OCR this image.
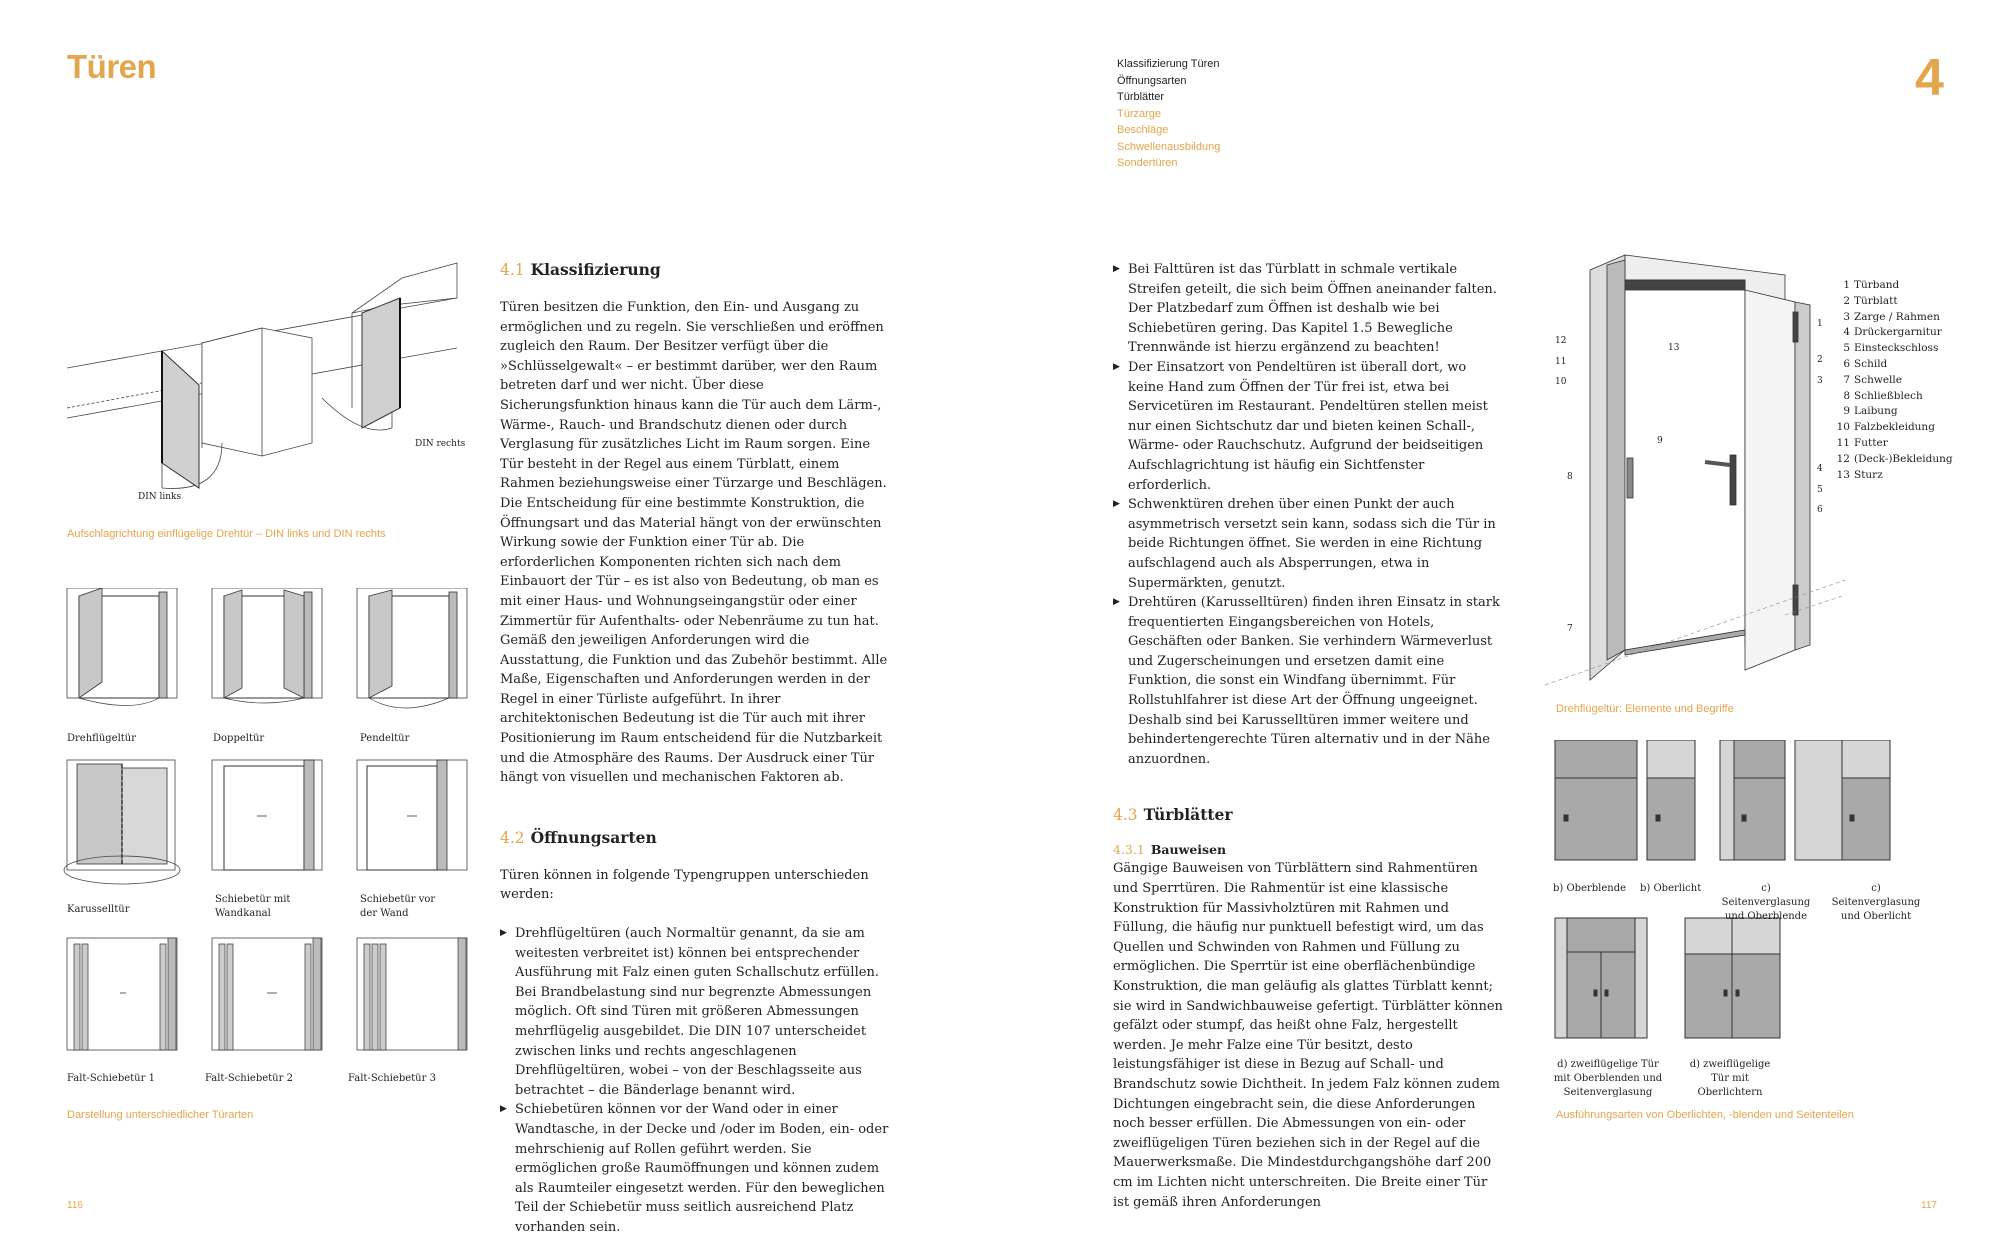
Türen	4
Klassifizierung Türen
Öffnungsarten
Türblätter
Türzarge
Beschläge
Schwellenausbildung
Sondertüren
DIN links
DIN rechts
Aufschlagrichtung einflügelige Drehtür – DIN links und DIN rechts
Drehflügeltür	Doppeltür	Pendeltür
Karusselltür
Schiebetür mit Wandkanal
Schiebetür vor der Wand
Falt-Schiebetür 1	Falt-Schiebetür 2	Falt-Schiebetür 3
Darstellung unterschiedlicher Türarten
4.1 Klassifizierung
Türen besitzen die Funktion, den Ein- und Ausgang zu ermöglichen und zu regeln. Sie verschließen und eröffnen zugleich den Raum. Der Besitzer verfügt über die »Schlüsselgewalt« – er bestimmt darüber, wer den Raum betreten darf und wer nicht. Über diese Sicherungsfunktion hinaus kann die Tür auch dem Lärm-, Wärme-, Rauch- und Brandschutz dienen oder durch Verglasung für zusätzliches Licht im Raum sorgen. Eine Tür besteht in der Regel aus einem Türblatt, einem Rahmen beziehungsweise einer Türzarge und Beschlägen. Die Entscheidung für eine bestimmte Konstruktion, die Öffnungsart und das Material hängt von der erwünschten Wirkung sowie der Funktion einer Tür ab. Die erforderlichen Komponenten richten sich nach dem Einbauort der Tür – es ist also von Bedeutung, ob man es mit einer Haus- und Wohnungseingangstür oder einer Zimmertür für Aufenthalts- oder Nebenräume zu tun hat. Gemäß den jeweiligen Anforderungen wird die Ausstattung, die Funktion und das Zubehör bestimmt. Alle Maße, Eigenschaften und Anforderungen werden in der Regel in einer Türliste aufgeführt. In ihrer architektonischen Bedeutung ist die Tür auch mit ihrer Positionierung im Raum entscheidend für die Nutzbarkeit und die Atmosphäre des Raums. Der Ausdruck einer Tür hängt von visuellen und mechanischen Faktoren ab.
4.2 Öffnungsarten
Türen können in folgende Typengruppen unterschieden werden:
▶ Drehflügeltüren (auch Normaltür genannt, da sie am weitesten verbreitet ist) können bei entsprechender Ausführung mit Falz einen guten Schallschutz erfüllen. Bei Brandbelastung sind nur begrenzte Abmessungen möglich. Oft sind Türen mit größeren Abmessungen mehrflügelig ausgebildet. Die DIN 107 unterscheidet zwischen links und rechts angeschlagenen Drehflügeltüren, wobei – von der Beschlagsseite aus betrachtet – die Bänderlage benannt wird.
▶ Schiebetüren können vor der Wand oder in einer Wandtasche, in der Decke und /oder im Boden, ein- oder mehrschienig auf Rollen geführt werden. Sie ermöglichen große Raumöffnungen und können zudem als Raumteiler eingesetzt werden. Für den beweglichen Teil der Schiebetür muss seitlich ausreichend Platz vorhanden sein.
▶ Bei Falttüren ist das Türblatt in schmale vertikale Streifen geteilt, die sich beim Öffnen aneinander falten. Der Platzbedarf zum Öffnen ist deshalb wie bei Schiebetüren gering. Das Kapitel 1.5 Bewegliche Trennwände ist hierzu ergänzend zu beachten!
▶ Der Einsatzort von Pendeltüren ist überall dort, wo keine Hand zum Öffnen der Tür frei ist, etwa bei Servicetüren im Restaurant. Pendeltüren stellen meist nur einen Sichtschutz dar und bieten keinen Schall-, Wärme- oder Rauchschutz. Aufgrund der beidseitigen Aufschlagrichtung ist häufig ein Sichtfenster erforderlich.
▶ Schwenktüren drehen über einen Punkt der auch asymmetrisch versetzt sein kann, sodass sich die Tür in beide Richtungen öffnet. Sie werden in eine Richtung aufschlagend auch als Absperrungen, etwa in Supermärkten, genutzt.
▶ Drehtüren (Karusselltüren) finden ihren Einsatz in stark frequentierten Eingangsbereichen von Hotels, Geschäften oder Banken. Sie verhindern Wärmeverlust und Zugerscheinungen und ersetzen damit eine Funktion, die sonst ein Windfang übernimmt. Für Rollstuhlfahrer ist diese Art der Öffnung ungeeignet. Deshalb sind bei Karusselltüren immer weitere und behindertengerechte Türen alternativ und in der Nähe anzuordnen.
4.3 Türblätter
4.3.1 Bauweisen
Gängige Bauweisen von Türblättern sind Rahmentüren und Sperrtüren. Die Rahmentür ist eine klassische Konstruktion für Massivholztüren mit Rahmen und Füllung, die häufig nur punktuell befestigt wird, um das Quellen und Schwinden von Rahmen und Füllung zu ermöglichen. Die Sperrtür ist eine oberflächenbündige Konstruktion, die man geläufig als glattes Türblatt kennt; sie wird in Sandwichbauweise gefertigt. Türblätter können gefälzt oder stumpf, das heißt ohne Falz, hergestellt werden. Je mehr Falze eine Tür besitzt, desto leistungsfähiger ist diese in Bezug auf Schall- und Brandschutz sowie Dichtheit. In jedem Falz können zudem Dichtungen eingebracht sein, die diese Anforderungen noch besser erfüllen. Die Abmessungen von ein- oder zweiflügeligen Türen beziehen sich in der Regel auf die Mauerwerksmaße. Die Mindestdurchgangshöhe darf 200 cm im Lichten nicht unterschreiten. Die Breite einer Tür ist gemäß ihren Anforderungen
1
2
3
4
5
6
7
8
9
10
11
12
13
1 Türband
2 Türblatt
3 Zarge / Rahmen
4 Drückergarnitur
5 Einsteckschloss
6 Schild
7 Schwelle
8 Schließblech
9 Laibung
10 Falzbekleidung
11 Futter
12 (Deck-)Bekleidung
13 Sturz
Drehflügeltür: Elemente und Begriffe
b) Oberblende	b) Oberlicht	c) Seitenverglasung und Oberblende
c) Seitenverglasung und Oberlicht
d) zweiflügelige Tür mit Oberblenden und Seitenverglasung
d) zweiflügelige Tür mit Oberlichtern
Ausführungsarten von Oberlichten, -blenden und Seitenteilen
116	117
